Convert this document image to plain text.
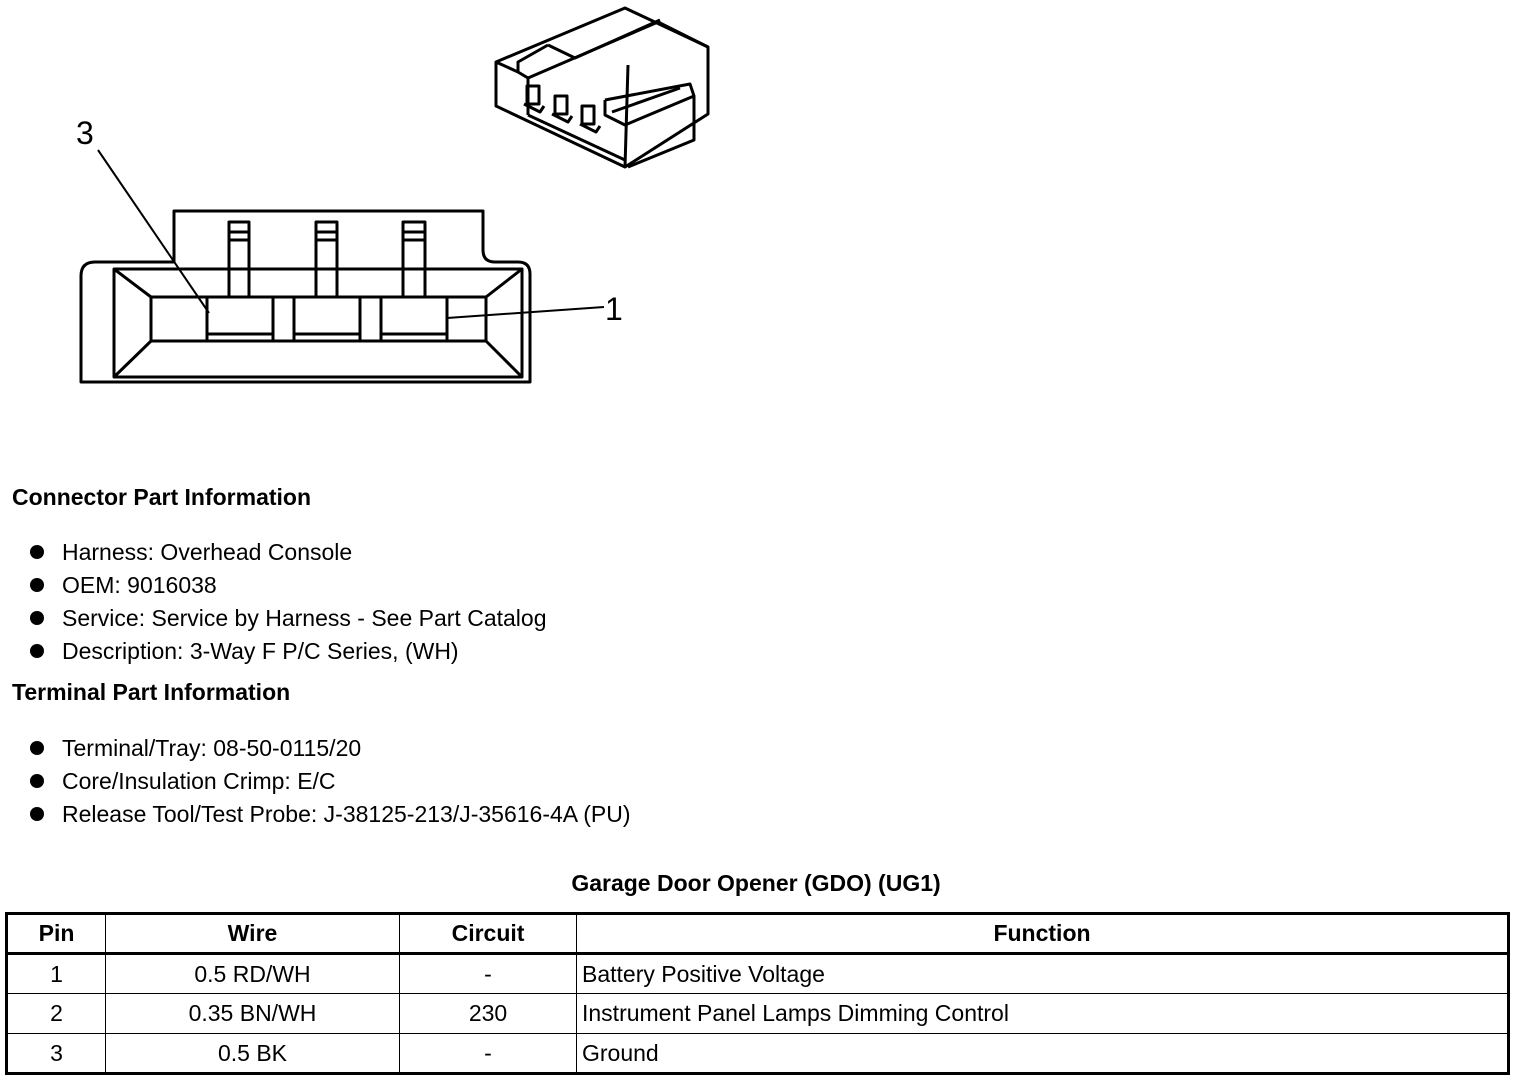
3
1
Connector Part Information
Harness: Overhead Console
OEM: 9016038
Service: Service by Harness - See Part Catalog
Description: 3-Way F P/C Series, (WH)
Terminal Part Information
Terminal/Tray: 08-50-0115/20
Core/Insulation Crimp: E/C
Release Tool/Test Probe: J-38125-213/J-35616-4A (PU)
Garage Door Opener (GDO) (UG1)
Pin	Wire	Circuit	Function
1	0.5 RD/WH	-	Battery Positive Voltage
2	0.35 BN/WH	230	Instrument Panel Lamps Dimming Control
3	0.5 BK	-	Ground
